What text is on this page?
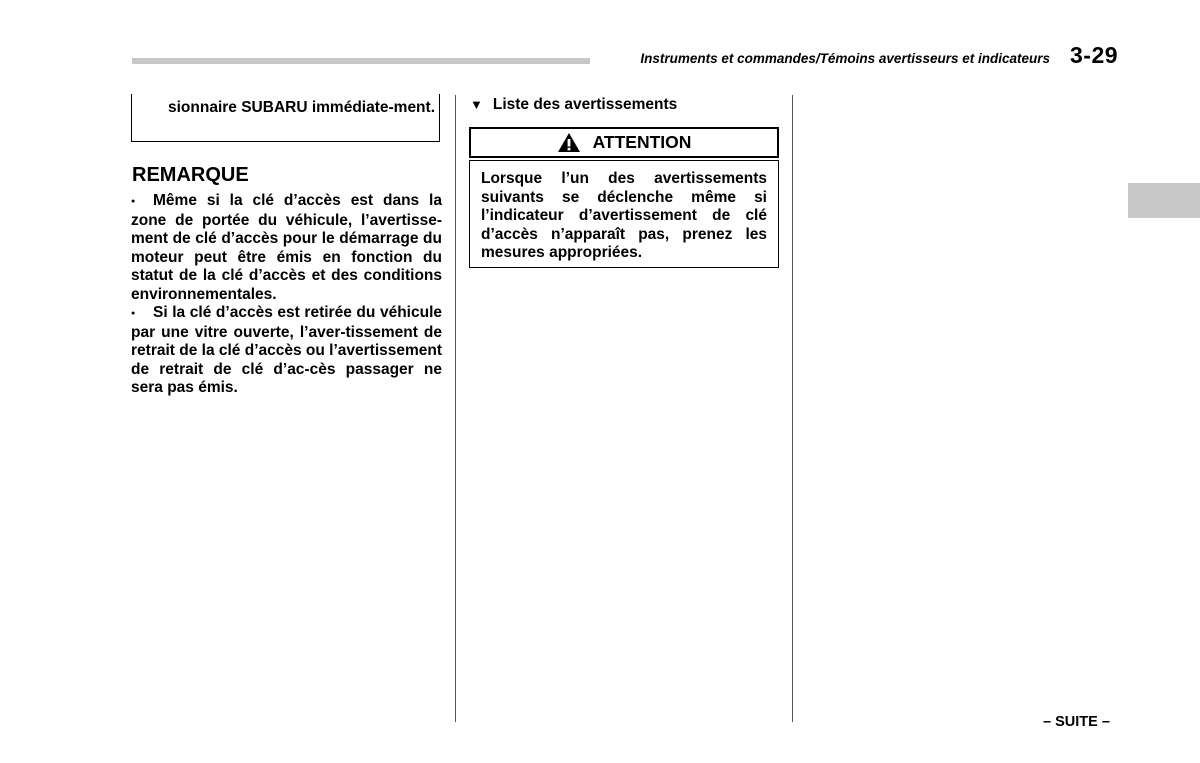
Instruments et commandes/Témoins avertisseurs et indicateurs 3-29
sionnaire SUBARU immédiate-ment.
REMARQUE

● Même si la clé d’accès est dans la zone de portée du véhicule, l’avertisse-ment de clé d’accès pour le démarrage du moteur peut être émis en fonction du statut de la clé d’accès et des conditions environnementales.

● Si la clé d’accès est retirée du véhicule par une vitre ouverte, l’aver-tissement de retrait de la clé d’accès ou l’avertissement de retrait de clé d’ac-cès passager ne sera pas émis.

▼ Liste des avertissements
ATTENTION
Lorsque l’un des avertissements suivants se déclenche même si l’indicateur d’avertissement de clé d’accès n’apparaît pas, prenez les mesures appropriées.
– SUITE –
